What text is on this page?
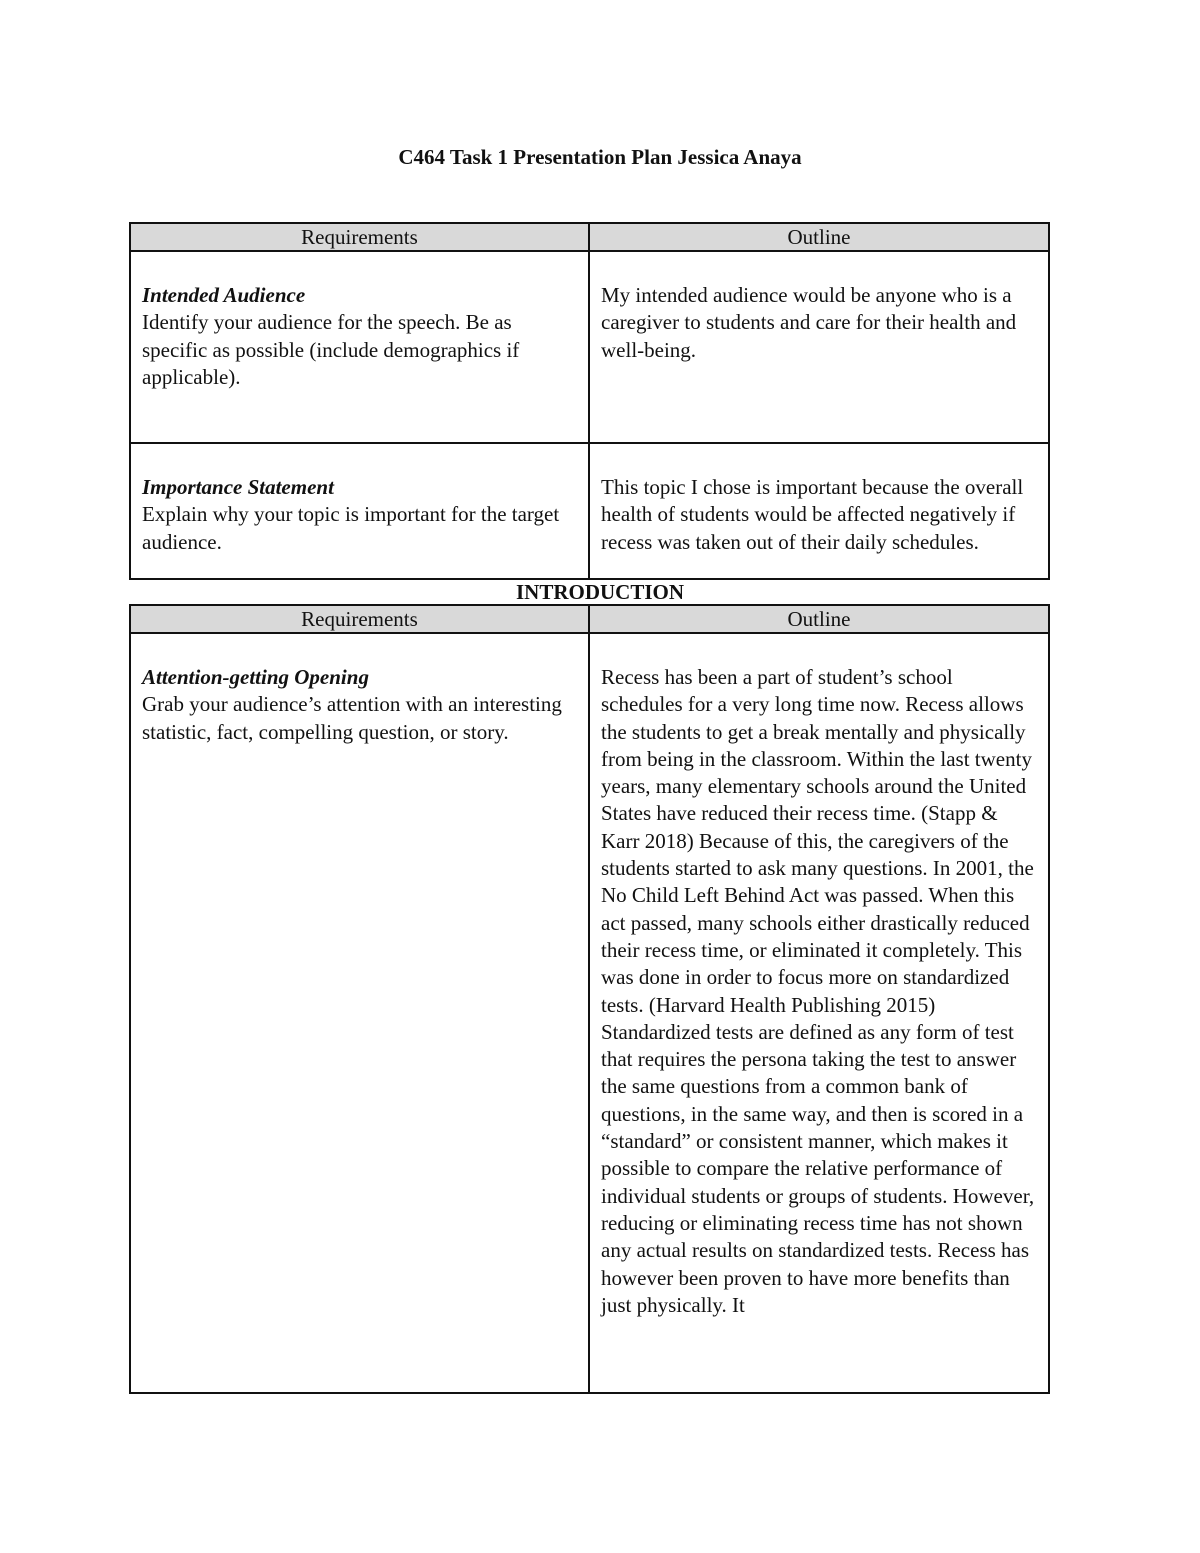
C464 Task 1 Presentation Plan Jessica Anaya
Requirements	Outline

Intended Audience
Identify your audience for the speech. Be as specific as possible (include demographics if applicable).	My intended audience would be anyone who is a caregiver to students and care for their health and well-being.

Importance Statement
Explain why your topic is important for the target audience.	This topic I chose is important because the overall health of students would be affected negatively if recess was taken out of their daily schedules.
INTRODUCTION
Requirements	Outline

Attention-getting Opening
Grab your audience’s attention with an interesting statistic, fact, compelling question, or story.	Recess has been a part of student’s school schedules for a very long time now. Recess allows the students to get a break mentally and physically from being in the classroom. Within the last twenty years, many elementary schools around the United States have reduced their recess time. (Stapp & Karr 2018) Because of this, the caregivers of the students started to ask many questions. In 2001, the No Child Left Behind Act was passed. When this act passed, many schools either drastically reduced their recess time, or eliminated it completely. This was done in order to focus more on standardized tests. (Harvard Health Publishing 2015) Standardized tests are defined as any form of test that requires the persona taking the test to answer the same questions from a common bank of questions, in the same way, and then is scored in a “standard” or consistent manner, which makes it possible to compare the relative performance of individual students or groups of students. However, reducing or eliminating recess time has not shown any actual results on standardized tests. Recess has however been proven to have more benefits than just physically. It
